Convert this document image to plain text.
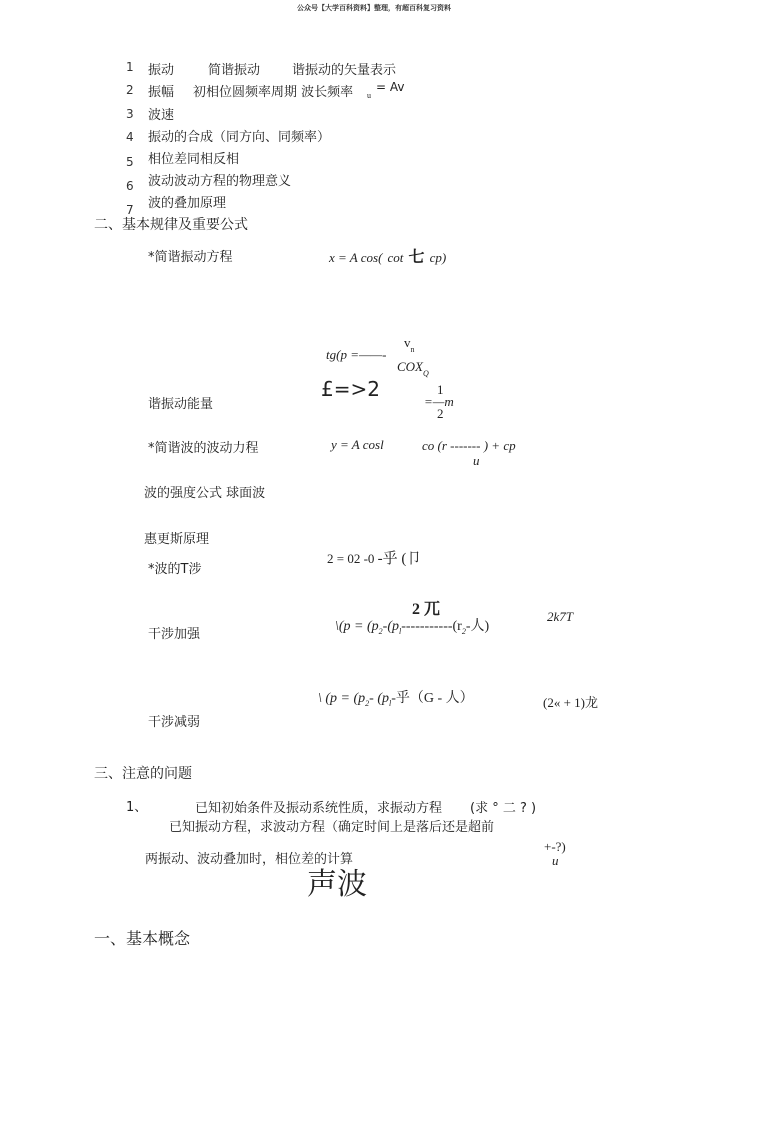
公众号【大学百科资料】整理，有超百科复习资料
1 振动	简谐振动 谐振动的矢量表示
2 振幅 初相位圆频率周期 波长频率 u
= Av
3 波速
4 振动的合成（同方向、同频率）
5 相位差同相反相
6 波动波动方程的物理意义
7 波的叠加原理
二、基本规律及重要公式
*简谐振动方程	x = A cos( cot 七 cp)
$v_n$
tg(p =——-
$COX_Q$
£=>2	1
谐振动能量	=—m
2
*简谐波的波动力程	y = A cosl	co (r ------- ) + cp
u
波的强度公式 球面波
惠更斯原理
2 = 02 -0 -乎 (卩
*波的T涉
2 兀	2k7T
\(p = ($p_2-(p_l-----------(r_2-$人)
干涉加强
\ ($p = (p_2-$ ($p_l-$乎（G - 人）	(2« + 1)龙
干涉减弱
三、注意的问题
1、	已知初始条件及振动系统性质，求振动方程 (求 ° 二 ? )
已知振动方程，求波动方程（确定时间上是落后还是超前
+-?)
两振动、波动叠加时，相位差的计算	u
声波
一、基本概念
